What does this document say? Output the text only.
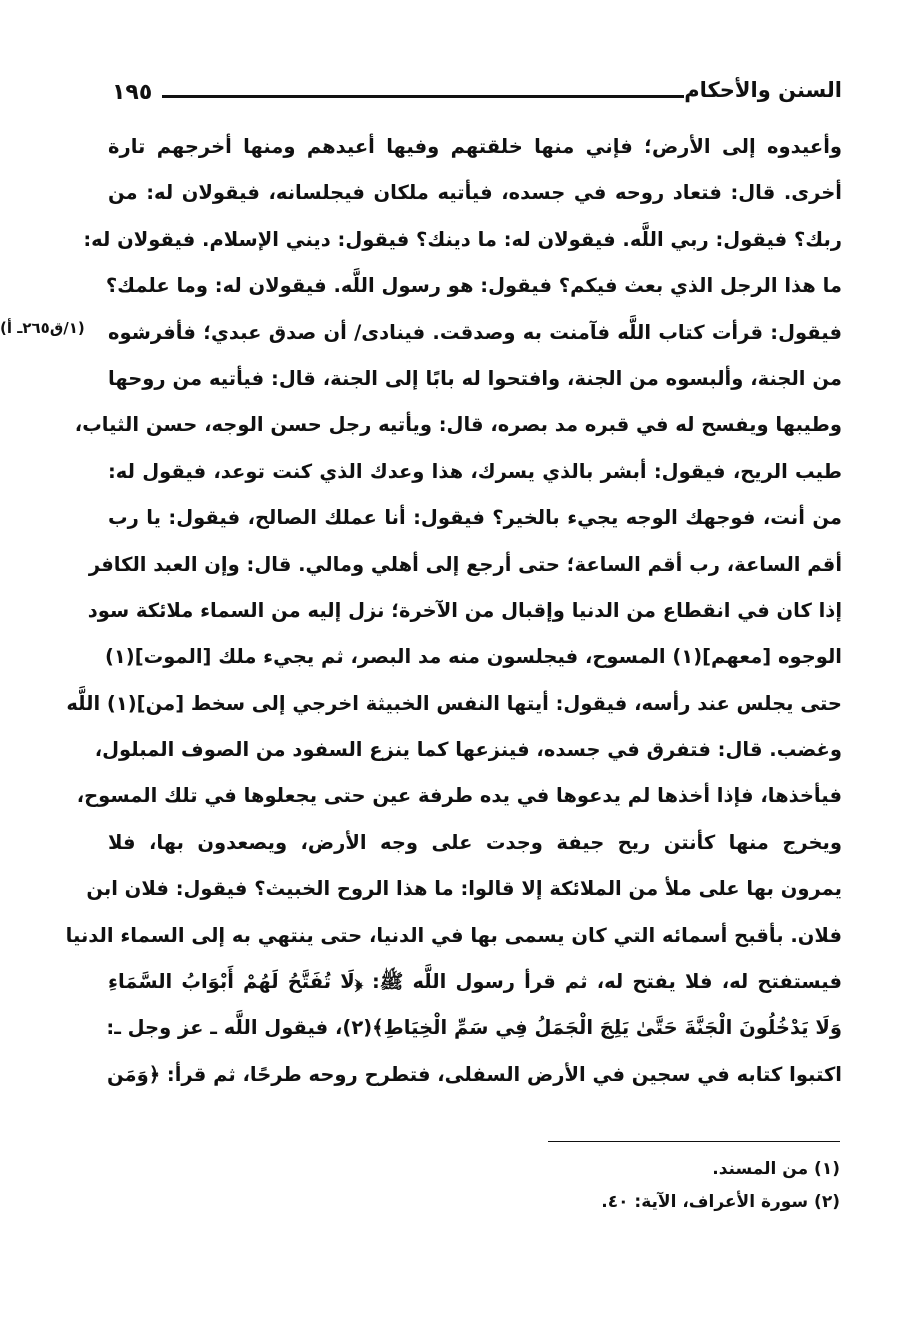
السنن والأحكام
١٩٥
وأعيدوه إلى الأرض؛ فإني منها خلقتهم وفيها أعيدهم ومنها أخرجهم تارة
أخرى. قال: فتعاد روحه في جسده، فيأتيه ملكان فيجلسانه، فيقولان له: من
ربك؟ فيقول: ربي اللَّه. فيقولان له: ما دينك؟ فيقول: ديني الإسلام. فيقولان له:
ما هذا الرجل الذي بعث فيكم؟ فيقول: هو رسول اللَّه. فيقولان له: وما علمك؟
فيقول: قرأت كتاب اللَّه فآمنت به وصدقت. فينادى/ أن صدق عبدي؛ فأفرشوه
من الجنة، وألبسوه من الجنة، وافتحوا له بابًا إلى الجنة، قال: فيأتيه من روحها
وطيبها ويفسح له في قبره مد بصره، قال: ويأتيه رجل حسن الوجه، حسن الثياب،
طيب الريح، فيقول: أبشر بالذي يسرك، هذا وعدك الذي كنت توعد، فيقول له:
من أنت، فوجهك الوجه يجيء بالخير؟ فيقول: أنا عملك الصالح، فيقول: يا رب
أقم الساعة، رب أقم الساعة؛ حتى أرجع إلى أهلي ومالي. قال: وإن العبد الكافر
إذا كان في انقطاع من الدنيا وإقبال من الآخرة؛ نزل إليه من السماء ملائكة سود
الوجوه [معهم](١) المسوح، فيجلسون منه مد البصر، ثم يجيء ملك [الموت](١)
حتى يجلس عند رأسه، فيقول: أيتها النفس الخبيثة اخرجي إلى سخط [من](١) اللَّه
وغضب. قال: فتفرق في جسده، فينزعها كما ينزع السفود من الصوف المبلول،
فيأخذها، فإذا أخذها لم يدعوها في يده طرفة عين حتى يجعلوها في تلك المسوح،
ويخرج منها كأنتن ريح جيفة وجدت على وجه الأرض، ويصعدون بها، فلا
يمرون بها على ملأ من الملائكة إلا قالوا: ما هذا الروح الخبيث؟ فيقول: فلان ابن
فلان. بأقبح أسمائه التي كان يسمى بها في الدنيا، حتى ينتهي به إلى السماء الدنيا
فيستفتح له، فلا يفتح له، ثم قرأ رسول اللَّه ﷺ: ﴿لَا تُفَتَّحُ لَهُمْ أَبْوَابُ السَّمَاءِ
وَلَا يَدْخُلُونَ الْجَنَّةَ حَتَّىٰ يَلِجَ الْجَمَلُ فِي سَمِّ الْخِيَاطِ﴾(٢)، فيقول اللَّه ـ عز وجل ـ:
اكتبوا كتابه في سجين في الأرض السفلى، فتطرح روحه طرحًا، ثم قرأ: ﴿وَمَن
(١/ق٢٦٥ـ أ)
(١) من المسند.
(٢) سورة الأعراف، الآية: ٤٠.
